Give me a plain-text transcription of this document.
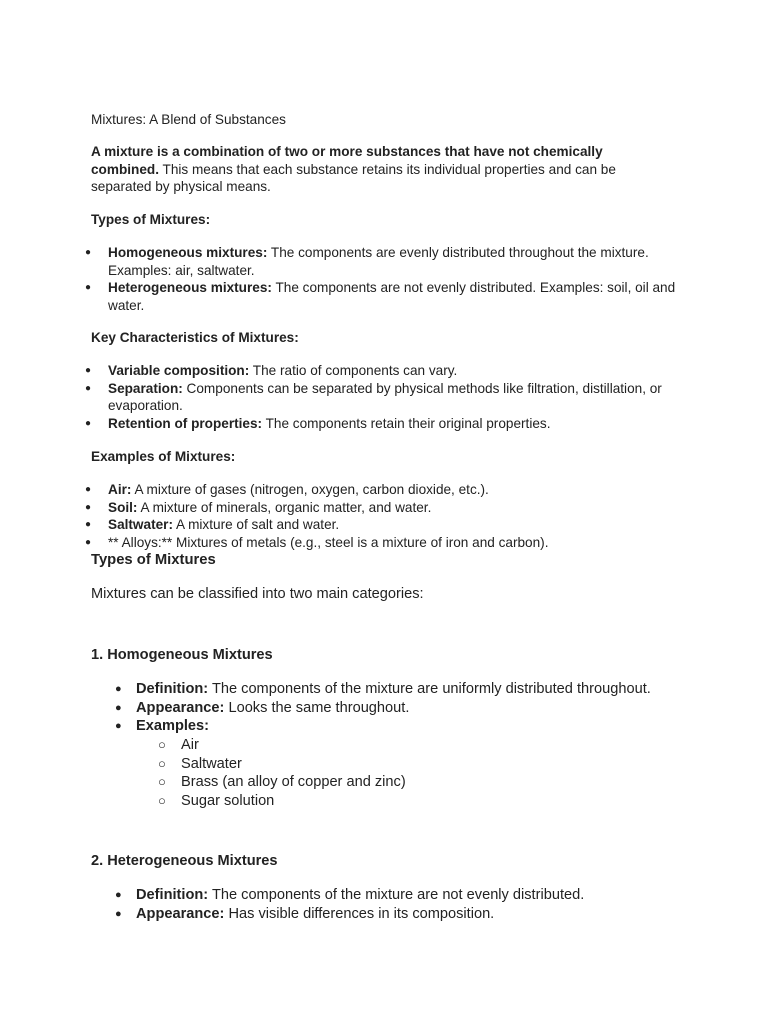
Mixtures: A Blend of Substances

A mixture is a combination of two or more substances that have not chemically combined. This means that each substance retains its individual properties and can be separated by physical means.

Types of Mixtures:
● Homogeneous mixtures: The components are evenly distributed throughout the mixture. Examples: air, saltwater.
● Heterogeneous mixtures: The components are not evenly distributed. Examples: soil, oil and water.
Key Characteristics of Mixtures:
● Variable composition: The ratio of components can vary.
● Separation: Components can be separated by physical methods like filtration, distillation, or evaporation.
● Retention of properties: The components retain their original properties.
Examples of Mixtures:
● Air: A mixture of gases (nitrogen, oxygen, carbon dioxide, etc.).
● Soil: A mixture of minerals, organic matter, and water.
● Saltwater: A mixture of salt and water.
● ** Alloys:** Mixtures of metals (e.g., steel is a mixture of iron and carbon).
Types of Mixtures
Mixtures can be classified into two main categories:
1. Homogeneous Mixtures
● Definition: The components of the mixture are uniformly distributed throughout.
● Appearance: Looks the same throughout.
● Examples:
○ Air
○ Saltwater
○ Brass (an alloy of copper and zinc)
○ Sugar solution
2. Heterogeneous Mixtures
● Definition: The components of the mixture are not evenly distributed.
● Appearance: Has visible differences in its composition.
